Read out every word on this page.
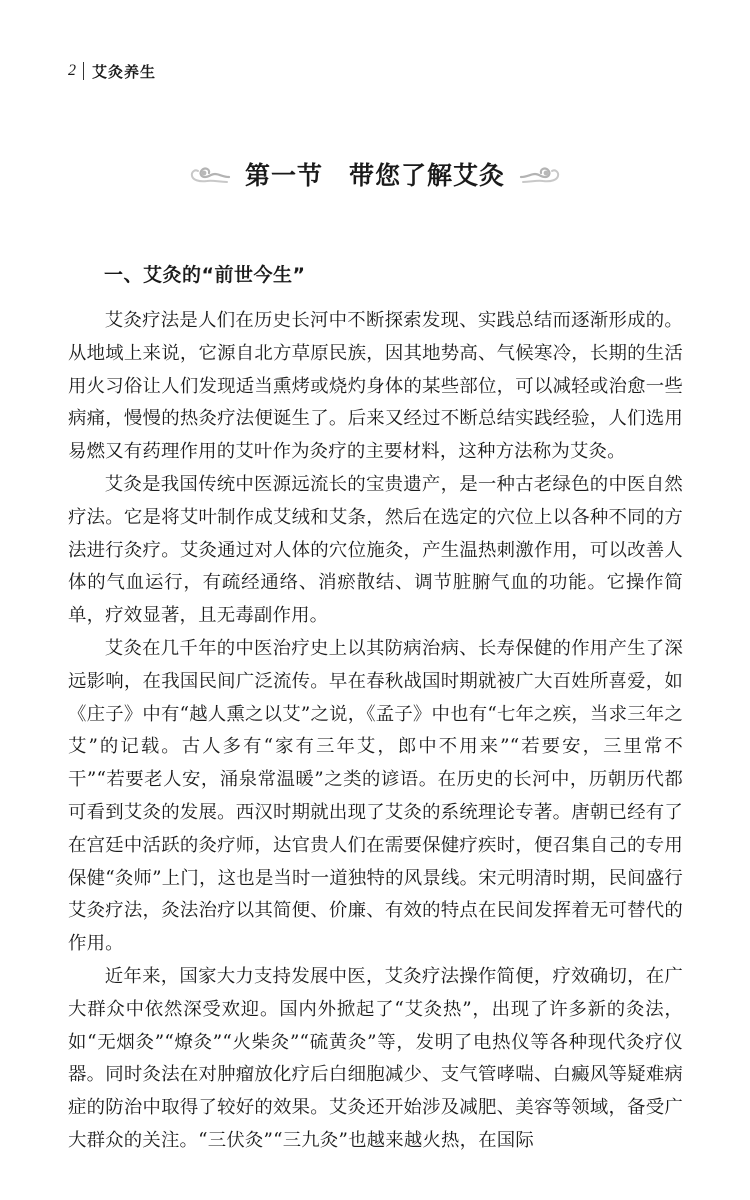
2 艾灸养生
第一节　带您了解艾灸
一、艾灸的“前世今生”

艾灸疗法是人们在历史长河中不断探索发现、实践总结而逐渐形成的。从地域上来说，它源自北方草原民族，因其地势高、气候寒冷，长期的生活用火习俗让人们发现适当熏烤或烧灼身体的某些部位，可以减轻或治愈一些病痛，慢慢的热灸疗法便诞生了。后来又经过不断总结实践经验，人们选用易燃又有药理作用的艾叶作为灸疗的主要材料，这种方法称为艾灸。

艾灸是我国传统中医源远流长的宝贵遗产，是一种古老绿色的中医自然疗法。它是将艾叶制作成艾绒和艾条，然后在选定的穴位上以各种不同的方法进行灸疗。艾灸通过对人体的穴位施灸，产生温热刺激作用，可以改善人体的气血运行，有疏经通络、消瘀散结、调节脏腑气血的功能。它操作简单，疗效显著，且无毒副作用。

艾灸在几千年的中医治疗史上以其防病治病、长寿保健的作用产生了深远影响，在我国民间广泛流传。早在春秋战国时期就被广大百姓所喜爱，如《庄子》中有“越人熏之以艾”之说，《孟子》中也有“七年之疾，当求三年之艾”的记载。古人多有“家有三年艾，郎中不用来”“若要安，三里常不干”“若要老人安，涌泉常温暖”之类的谚语。在历史的长河中，历朝历代都可看到艾灸的发展。西汉时期就出现了艾灸的系统理论专著。唐朝已经有了在宫廷中活跃的灸疗师，达官贵人们在需要保健疗疾时，便召集自己的专用保健“灸师”上门，这也是当时一道独特的风景线。宋元明清时期，民间盛行艾灸疗法，灸法治疗以其简便、价廉、有效的特点在民间发挥着无可替代的作用。

近年来，国家大力支持发展中医，艾灸疗法操作简便，疗效确切，在广大群众中依然深受欢迎。国内外掀起了“艾灸热”，出现了许多新的灸法，如“无烟灸”“燎灸”“火柴灸”“硫黄灸”等，发明了电热仪等各种现代灸疗仪器。同时灸法在对肿瘤放化疗后白细胞减少、支气管哮喘、白癜风等疑难病症的防治中取得了较好的效果。艾灸还开始涉及减肥、美容等领域，备受广大群众的关注。“三伏灸”“三九灸”也越来越火热，在国际
